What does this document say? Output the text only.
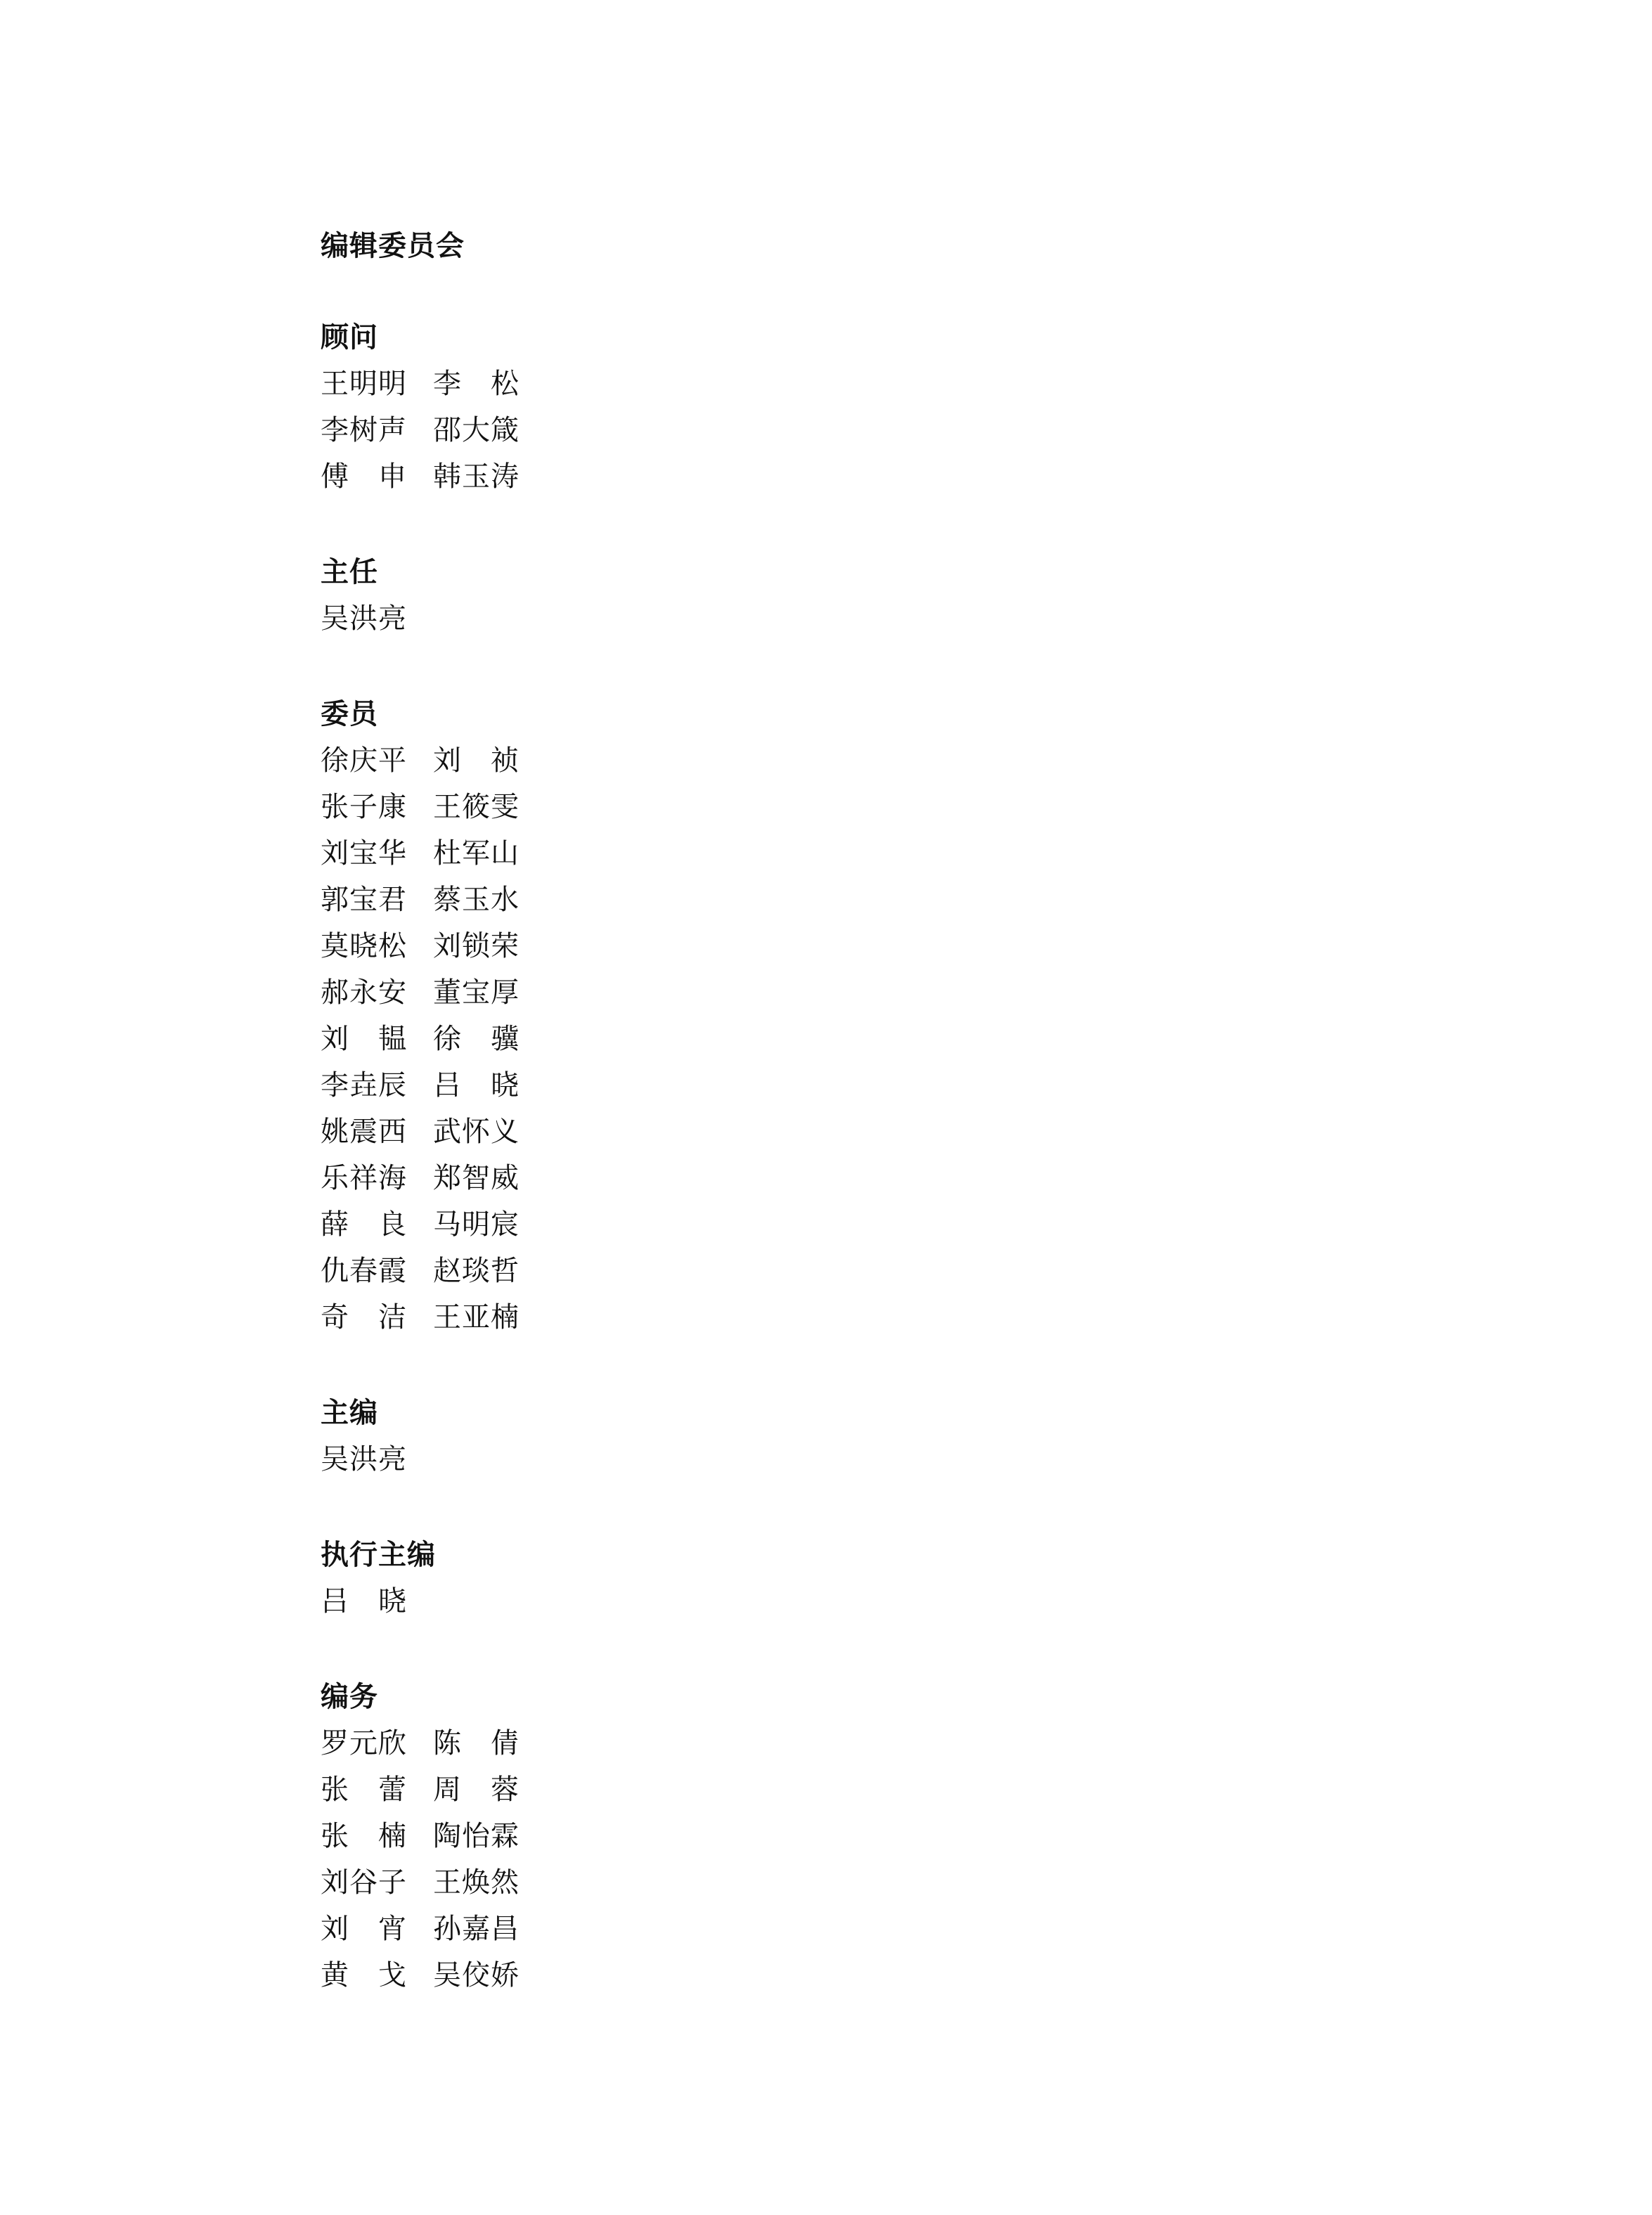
编辑委员会
顾问
王明明 李　松
李树声 邵大箴
傅　申 韩玉涛
主任
吴洪亮
委员
徐庆平 刘　祯
张子康 王筱雯
刘宝华 杜军山
郭宝君 蔡玉水
莫晓松 刘锁荣
郝永安 董宝厚
刘　韫 徐　骥
李垚辰 吕　晓
姚震西 武怀义
乐祥海 郑智威
薛　良 马明宸
仇春霞 赵琰哲
奇　洁 王亚楠
主编
吴洪亮
执行主编
吕　晓
编务
罗元欣 陈　倩
张　蕾 周　蓉
张　楠 陶怡霖
刘谷子 王焕然
刘　宵 孙嘉昌
黄　戈 吴佼娇
